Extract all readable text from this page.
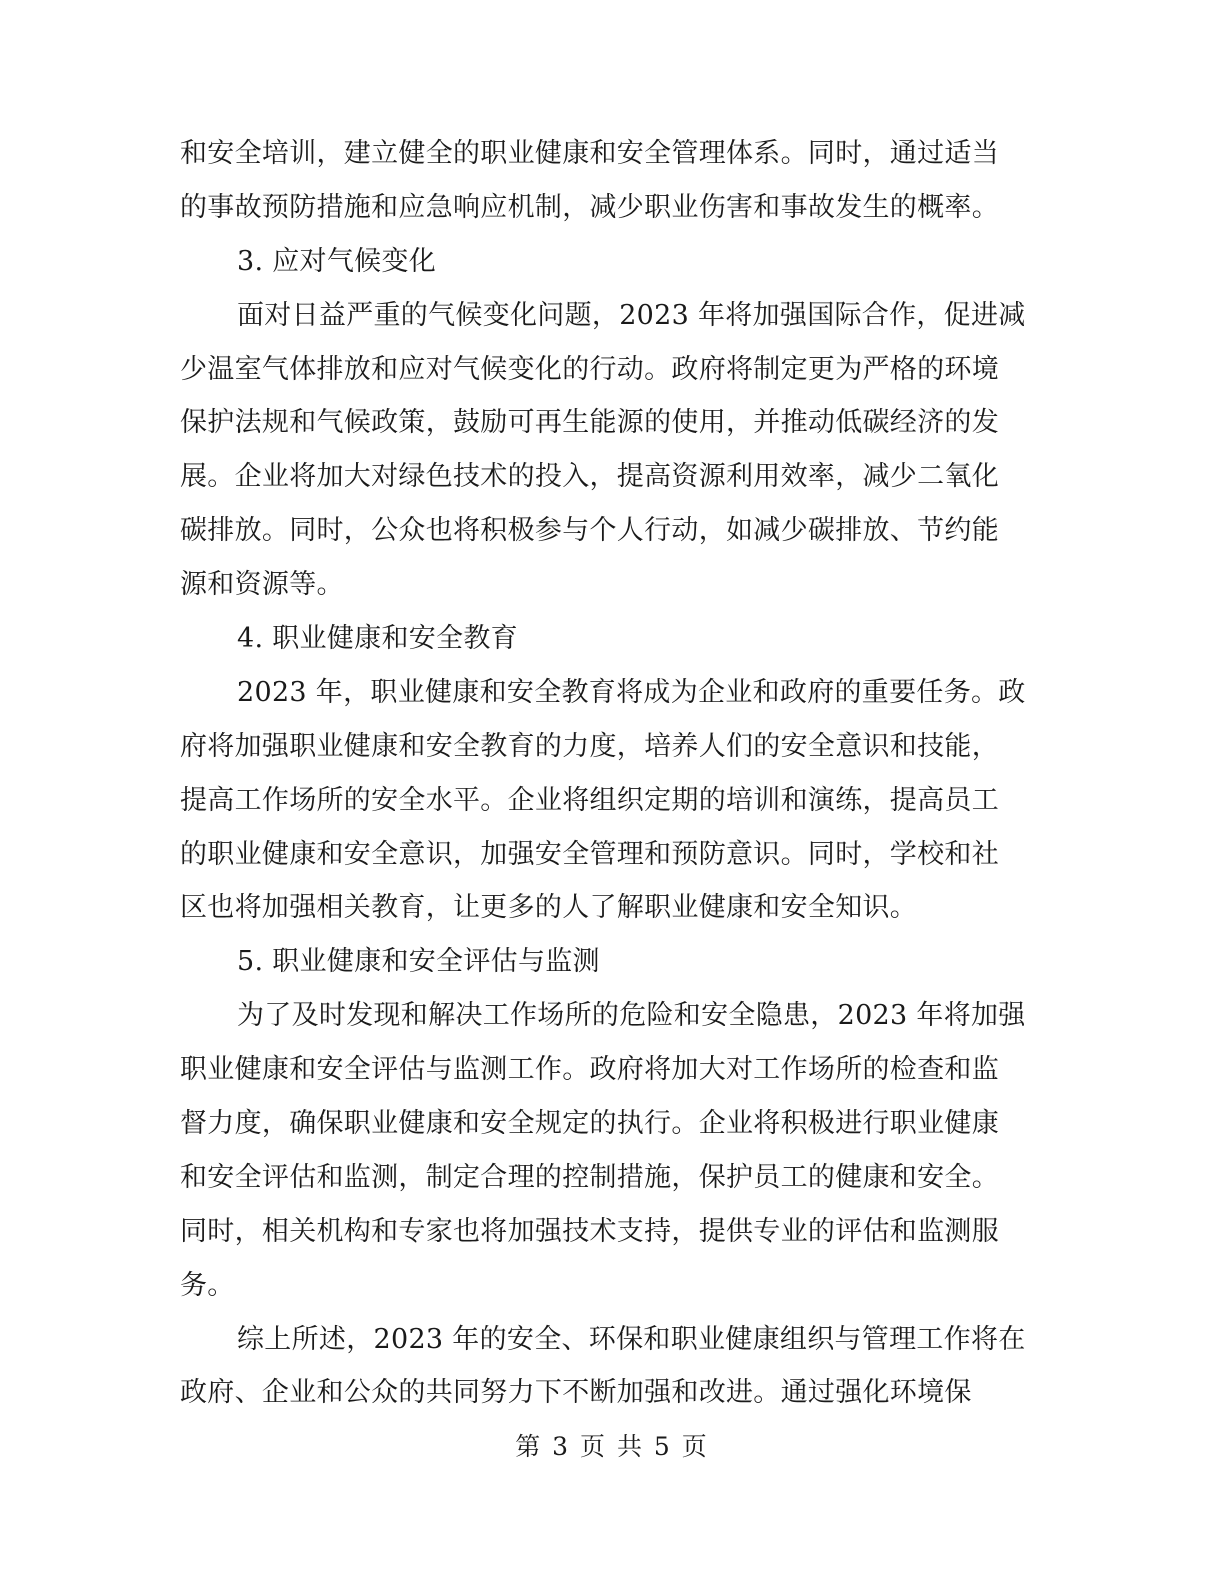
和安全培训，建立健全的职业健康和安全管理体系。同时，通过适当
的事故预防措施和应急响应机制，减少职业伤害和事故发生的概率。
3. 应对气候变化
面对日益严重的气候变化问题，2023 年将加强国际合作，促进减
少温室气体排放和应对气候变化的行动。政府将制定更为严格的环境
保护法规和气候政策，鼓励可再生能源的使用，并推动低碳经济的发
展。企业将加大对绿色技术的投入，提高资源利用效率，减少二氧化
碳排放。同时，公众也将积极参与个人行动，如减少碳排放、节约能
源和资源等。
4. 职业健康和安全教育
2023 年，职业健康和安全教育将成为企业和政府的重要任务。政
府将加强职业健康和安全教育的力度，培养人们的安全意识和技能，
提高工作场所的安全水平。企业将组织定期的培训和演练，提高员工
的职业健康和安全意识，加强安全管理和预防意识。同时，学校和社
区也将加强相关教育，让更多的人了解职业健康和安全知识。
5. 职业健康和安全评估与监测
为了及时发现和解决工作场所的危险和安全隐患，2023 年将加强
职业健康和安全评估与监测工作。政府将加大对工作场所的检查和监
督力度，确保职业健康和安全规定的执行。企业将积极进行职业健康
和安全评估和监测，制定合理的控制措施，保护员工的健康和安全。
同时，相关机构和专家也将加强技术支持，提供专业的评估和监测服
务。
综上所述，2023 年的安全、环保和职业健康组织与管理工作将在
政府、企业和公众的共同努力下不断加强和改进。通过强化环境保
第 3 页 共 5 页
